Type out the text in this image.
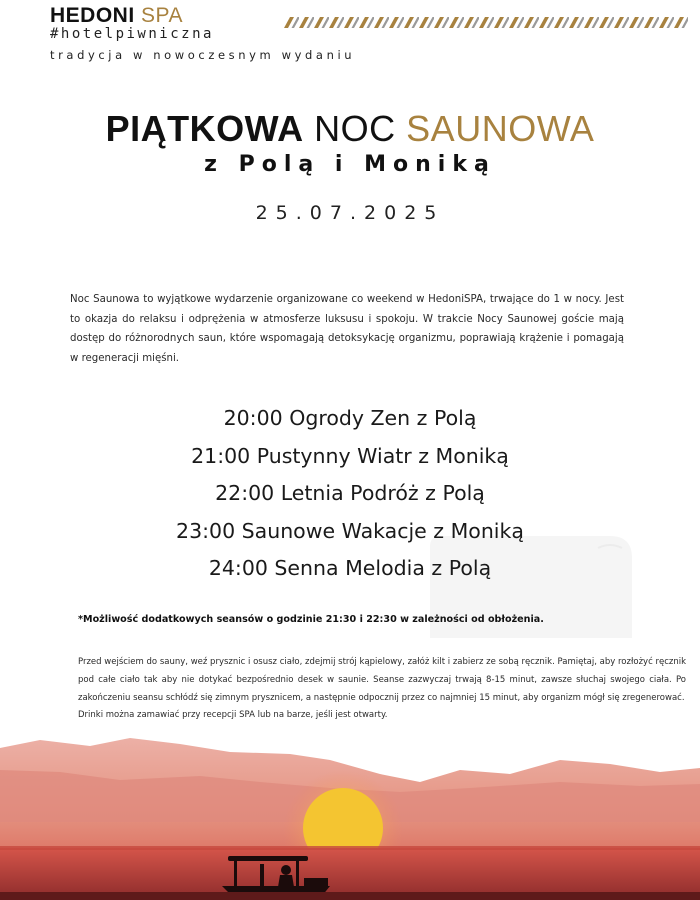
HEDONI SPA
#hotelpiwniczna
tradycja w nowoczesnym wydaniu
PIĄTKOWA NOC SAUNOWA
z Polą i Moniką
25.07.2025
Noc Saunowa to wyjątkowe wydarzenie organizowane co weekend w HedoniSPA, trwające do 1 w nocy. Jest to okazja do relaksu i odprężenia w atmosferze luksusu i spokoju. W trakcie Nocy Saunowej goście mają dostęp do różnorodnych saun, które wspomagają detoksykację organizmu, poprawiają krążenie i pomagają w regeneracji mięśni.
20:00 Ogrody Zen z Polą
21:00 Pustynny Wiatr z Moniką
22:00 Letnia Podróż z Polą
23:00 Saunowe Wakacje z Moniką
24:00 Senna Melodia z Polą
*Możliwość dodatkowych seansów o godzinie 21:30 i 22:30 w zależności od obłożenia.

Przed wejściem do sauny, weź prysznic i osusz ciało, zdejmij strój kąpielowy, załóż kilt i zabierz ze sobą ręcznik. Pamiętaj, aby rozłożyć ręcznik pod całe ciało tak aby nie dotykać bezpośrednio desek w saunie. Seanse zazwyczaj trwają 8-15 minut, zawsze słuchaj swojego ciała. Po zakończeniu seansu schłódź się zimnym prysznicem, a następnie odpocznij przez co najmniej 15 minut, aby organizm mógł się zregenerować.

Drinki można zamawiać przy recepcji SPA lub na barze, jeśli jest otwarty.
